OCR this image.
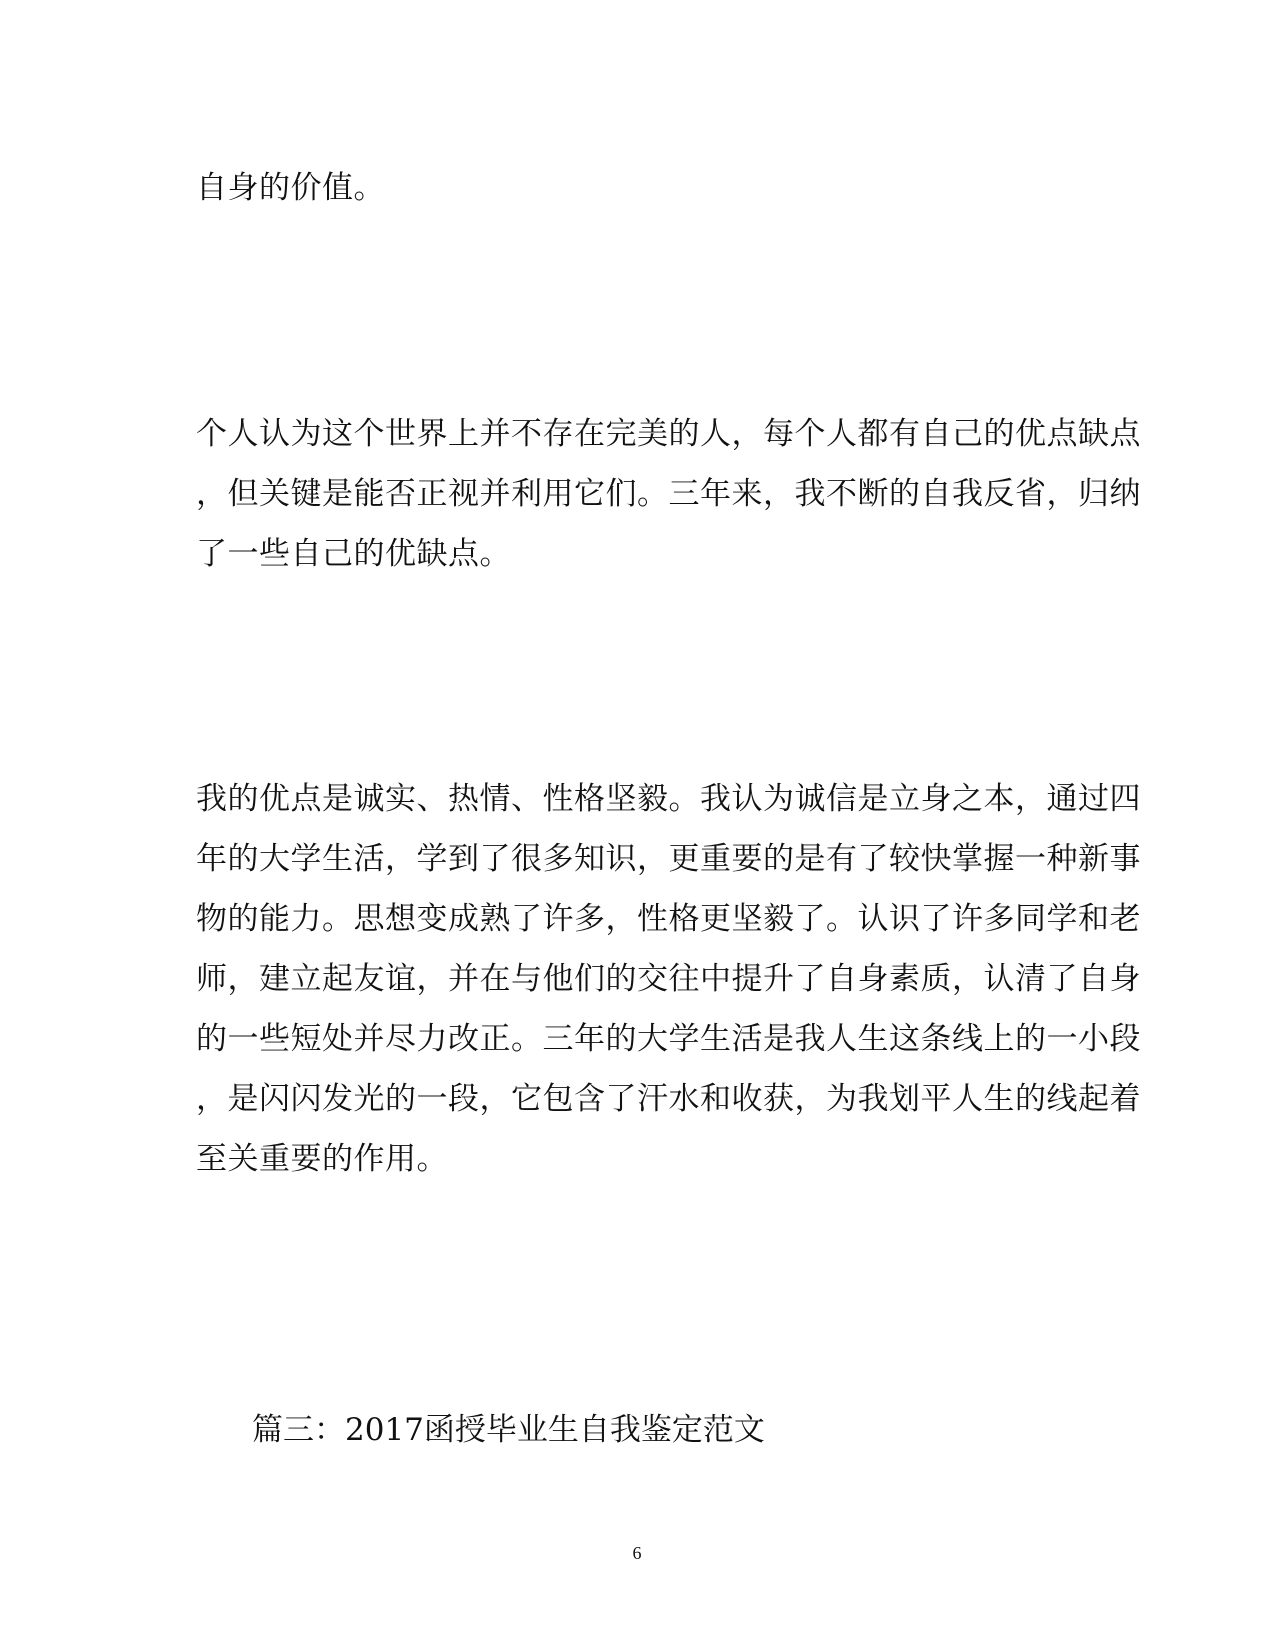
自身的价值。
个人认为这个世界上并不存在完美的人，每个人都有自己的优点缺点
，但关键是能否正视并利用它们。三年来，我不断的自我反省，归纳
了一些自己的优缺点。
我的优点是诚实、热情、性格坚毅。我认为诚信是立身之本，通过四
年的大学生活，学到了很多知识，更重要的是有了较快掌握一种新事
物的能力。思想变成熟了许多，性格更坚毅了。认识了许多同学和老
师，建立起友谊，并在与他们的交往中提升了自身素质，认清了自身
的一些短处并尽力改正。三年的大学生活是我人生这条线上的一小段
，是闪闪发光的一段，它包含了汗水和收获，为我划平人生的线起着
至关重要的作用。
篇三：2017函授毕业生自我鉴定范文
6
